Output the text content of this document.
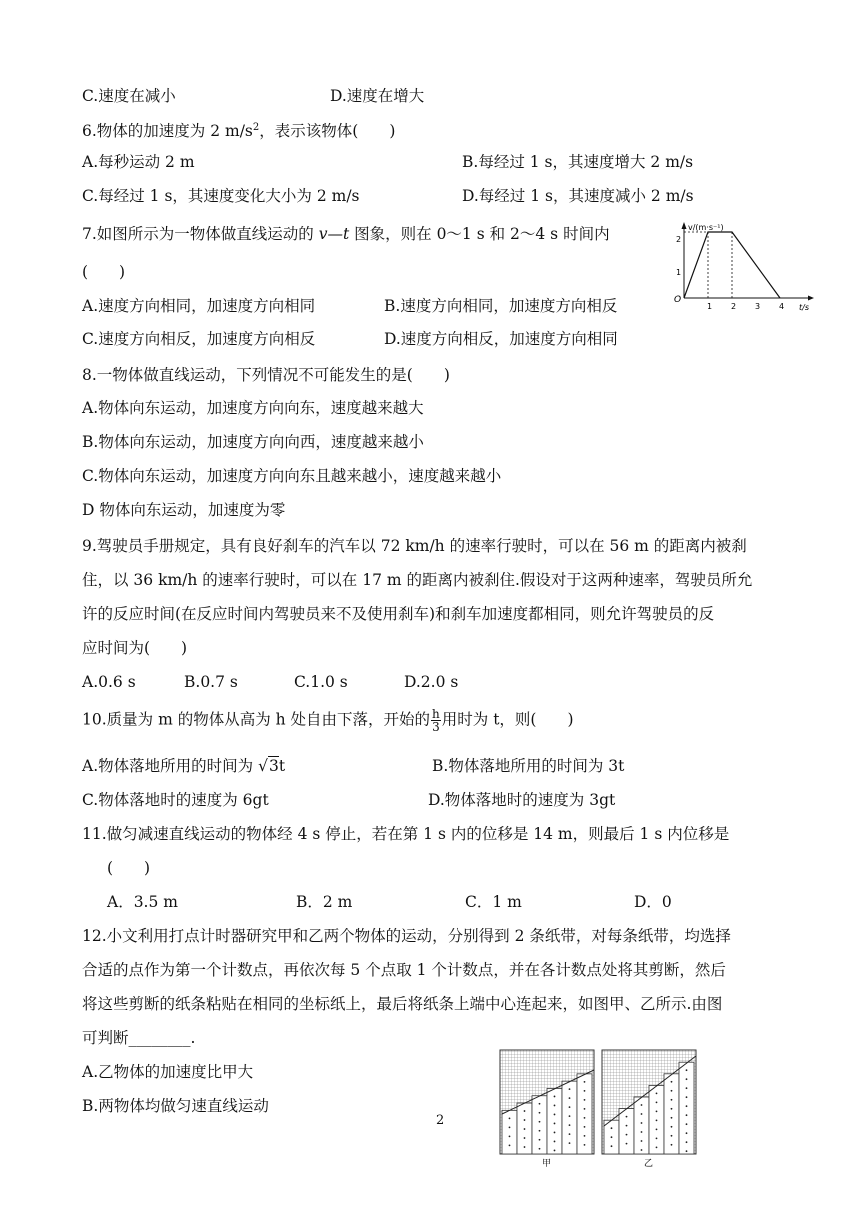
C.速度在减小	D.速度在增大
6.物体的加速度为 2 $m/s^2$，表示该物体(　　)
A.每秒运动 2 m	B.每经过 1 s，其速度增大 2 m/s
C.每经过 1 s，其速度变化大小为 2 m/s	D.每经过 1 s，其速度减小 2 m/s
7.如图所示为一物体做直线运动的 v—t 图象，则在 0～1 s 和 2～4 s 时间内
(　　)
A.速度方向相同，加速度方向相同	B.速度方向相同，加速度方向相反
C.速度方向相反，加速度方向相反	D.速度方向相反，加速度方向相同
v/(m·s⁻¹)
t/s
O
1
2
1 2 3 4
8.一物体做直线运动，下列情况不可能发生的是(　　)
A.物体向东运动，加速度方向向东，速度越来越大
B.物体向东运动，加速度方向向西，速度越来越小
C.物体向东运动，加速度方向向东且越来越小，速度越来越小
D 物体向东运动，加速度为零
9.驾驶员手册规定，具有良好刹车的汽车以 72 km/h 的速率行驶时，可以在 56 m 的距离内被刹
住，以 36 km/h 的速率行驶时，可以在 17 m 的距离内被刹住.假设对于这两种速率，驾驶员所允
许的反应时间(在反应时间内驾驶员来不及使用刹车)和刹车加速度都相同，则允许驾驶员的反
应时间为(　　)
A.0.6 s	B.0.7 s	C.1.0 s	D.2.0 s
10.质量为 m 的物体从高为 h 处自由下落，开始的 $\frac{h}{3}$ 用时为 t，则(　　)
A.物体落地所用的时间为 √3t	B.物体落地所用的时间为 3t
C.物体落地时的速度为 6gt	D.物体落地时的速度为 3gt
11.做匀减速直线运动的物体经 4 s 停止，若在第 1 s 内的位移是 14 m，则最后 1 s 内位移是
(　　)
A．3.5 m	B．2 m	C．1 m	D．0
12.小文利用打点计时器研究甲和乙两个物体的运动，分别得到 2 条纸带，对每条纸带，均选择
合适的点作为第一个计数点，再依次每 5 个点取 1 个计数点，并在各计数点处将其剪断，然后
将这些剪断的纸条粘贴在相同的坐标纸上，最后将纸条上端中心连起来，如图甲、乙所示.由图
可判断________.
A.乙物体的加速度比甲大
B.两物体均做匀速直线运动
甲	乙
2
